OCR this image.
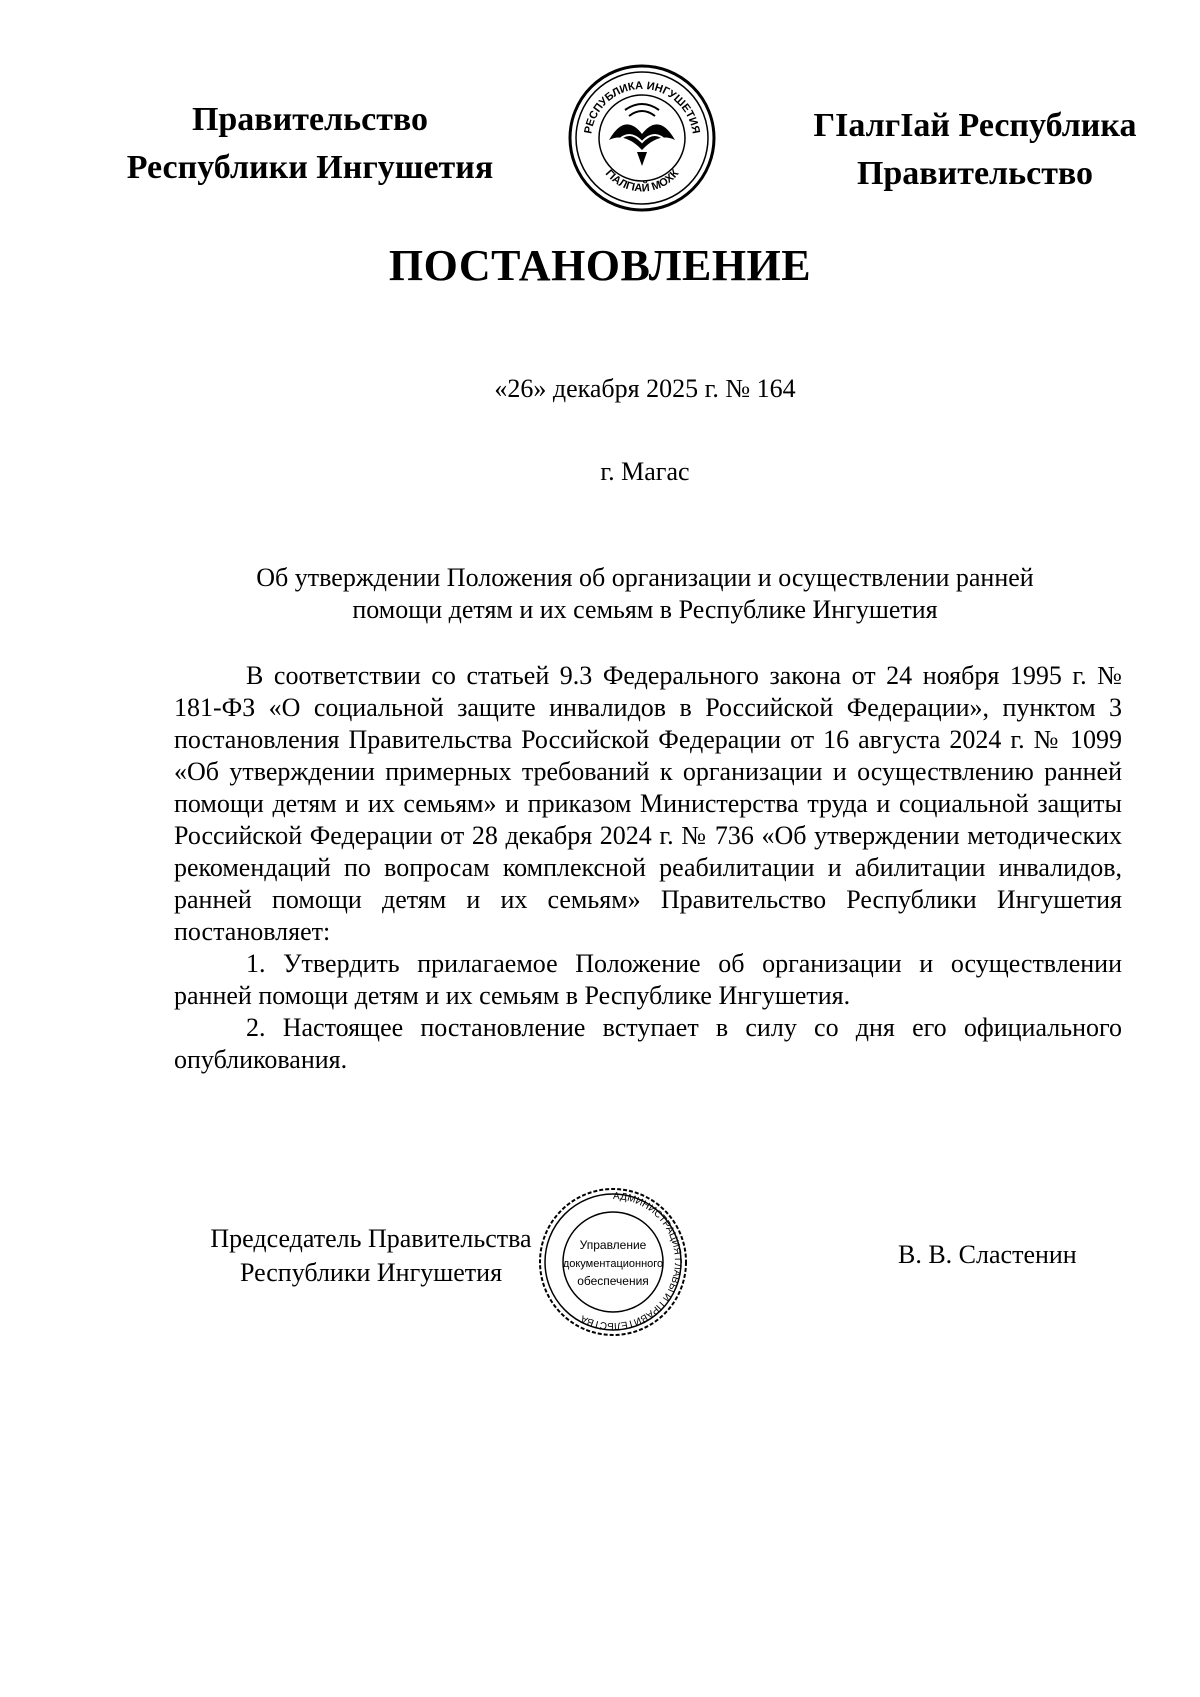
Правительство
Республики Ингушетия
РЕСПУБЛИКА ИНГУШЕТИЯ
ГӀАЛГӀАЙ МОХК
ГӀалгӀай Республика
Правительство
ПОСТАНОВЛЕНИЕ
«26» декабря 2025 г. № 164
г. Магас
Об утверждении Положения об организации и осуществлении ранней
помощи детям и их семьям в Республике Ингушетия

В соответствии со статьей 9.3 Федерального закона от 24 ноября 1995 г. № 181-ФЗ «О социальной защите инвалидов в Российской Федерации», пунктом 3 постановления Правительства Российской Федерации от 16 августа 2024 г. № 1099 «Об утверждении примерных требований к организации и осуществлению ранней помощи детям и их семьям» и приказом Министерства труда и социальной защиты Российской Федерации от 28 декабря 2024 г. № 736 «Об утверждении методических рекомендаций по вопросам комплексной реабилитации и абилитации инвалидов, ранней помощи детям и их семьям» Правительство Республики Ингушетия постановляет:

1. Утвердить прилагаемое Положение об организации и осуществлении ранней помощи детям и их семьям в Республике Ингушетия.

2. Настоящее постановление вступает в силу со дня его официального опубликования.

Председатель Правительства
Республики Ингушетия
АДМИНИСТРАЦИЯ ГЛАВЫ И ПРАВИТЕЛЬСТВА
Управление
документационного
обеспечения
В. В. Сластенин
